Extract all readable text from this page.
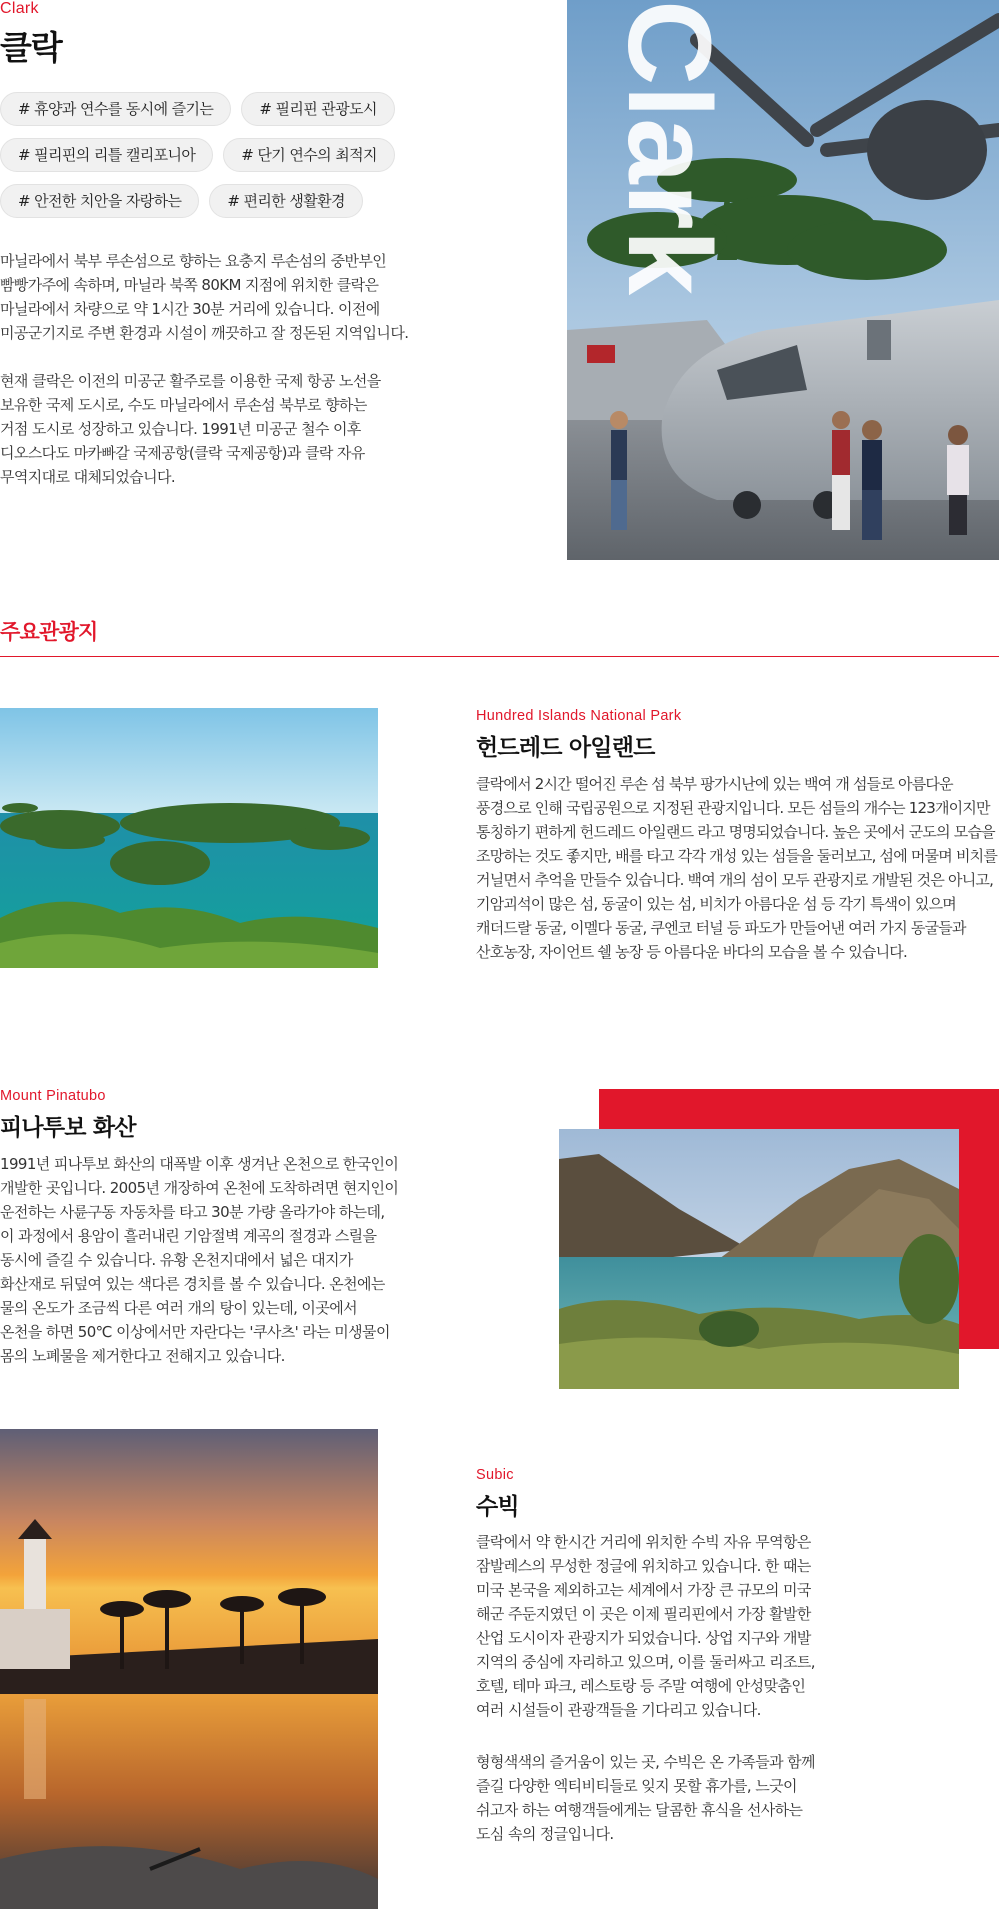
Clark
클락
# 휴양과 연수를 동시에 즐기는	# 필리핀 관광도시
# 필리핀의 리틀 캘리포니아	# 단기 연수의 최적지
# 안전한 치안을 자랑하는	# 편리한 생활환경
마닐라에서 북부 루손섬으로 향하는 요충지 루손섬의 중반부인
빰빵가주에 속하며, 마닐라 북쪽 80KM 지점에 위치한 클락은
마닐라에서 차량으로 약 1시간 30분 거리에 있습니다. 이전에
미공군기지로 주변 환경과 시설이 깨끗하고 잘 정돈된 지역입니다.
현재 클락은 이전의 미공군 활주로를 이용한 국제 항공 노선을
보유한 국제 도시로, 수도 마닐라에서 루손섬 북부로 향하는
거점 도시로 성장하고 있습니다. 1991년 미공군 철수 이후
디오스다도 마카빠갈 국제공항(클락 국제공항)과 클락 자유
무역지대로 대체되었습니다.
Clark
주요관광지
Hundred Islands National Park
헌드레드 아일랜드
클락에서 2시간 떨어진 루손 섬 북부 팡가시난에 있는 백여 개 섬들로 아름다운
풍경으로 인해 국립공원으로 지정된 관광지입니다. 모든 섬들의 개수는 123개이지만
통칭하기 편하게 헌드레드 아일랜드 라고 명명되었습니다. 높은 곳에서 군도의 모습을
조망하는 것도 좋지만, 배를 타고 각각 개성 있는 섬들을 둘러보고, 섬에 머물며 비치를
거닐면서 추억을 만들수 있습니다. 백여 개의 섬이 모두 관광지로 개발된 것은 아니고,
기암괴석이 많은 섬, 동굴이 있는 섬, 비치가 아름다운 섬 등 각기 특색이 있으며
캐더드랄 동굴, 이멜다 동굴, 쿠엔코 터널 등 파도가 만들어낸 여러 가지 동굴들과
산호농장, 자이언트 쉘 농장 등 아름다운 바다의 모습을 볼 수 있습니다.
Mount Pinatubo
피나투보 화산
1991년 피나투보 화산의 대폭발 이후 생겨난 온천으로 한국인이
개발한 곳입니다. 2005년 개장하여 온천에 도착하려면 현지인이
운전하는 사륜구동 자동차를 타고 30분 가량 올라가야 하는데,
이 과정에서 용암이 흘러내린 기암절벽 계곡의 절경과 스릴을
동시에 즐길 수 있습니다. 유황 온천지대에서 넓은 대지가
화산재로 뒤덮여 있는 색다른 경치를 볼 수 있습니다. 온천에는
물의 온도가 조금씩 다른 여러 개의 탕이 있는데, 이곳에서
온천을 하면 50℃ 이상에서만 자란다는 '쿠사츠' 라는 미생물이
몸의 노폐물을 제거한다고 전해지고 있습니다.
Subic
수빅
클락에서 약 한시간 거리에 위치한 수빅 자유 무역항은
잠발레스의 무성한 정글에 위치하고 있습니다. 한 때는
미국 본국을 제외하고는 세계에서 가장 큰 규모의 미국
해군 주둔지였던 이 곳은 이제 필리핀에서 가장 활발한
산업 도시이자 관광지가 되었습니다. 상업 지구와 개발
지역의 중심에 자리하고 있으며, 이를 둘러싸고 리조트,
호텔, 테마 파크, 레스토랑 등 주말 여행에 안성맞춤인
여러 시설들이 관광객들을 기다리고 있습니다.
형형색색의 즐거움이 있는 곳, 수빅은 온 가족들과 함께
즐길 다양한 엑티비티들로 잊지 못할 휴가를, 느긋이
쉬고자 하는 여행객들에게는 달콤한 휴식을 선사하는
도심 속의 정글입니다.
